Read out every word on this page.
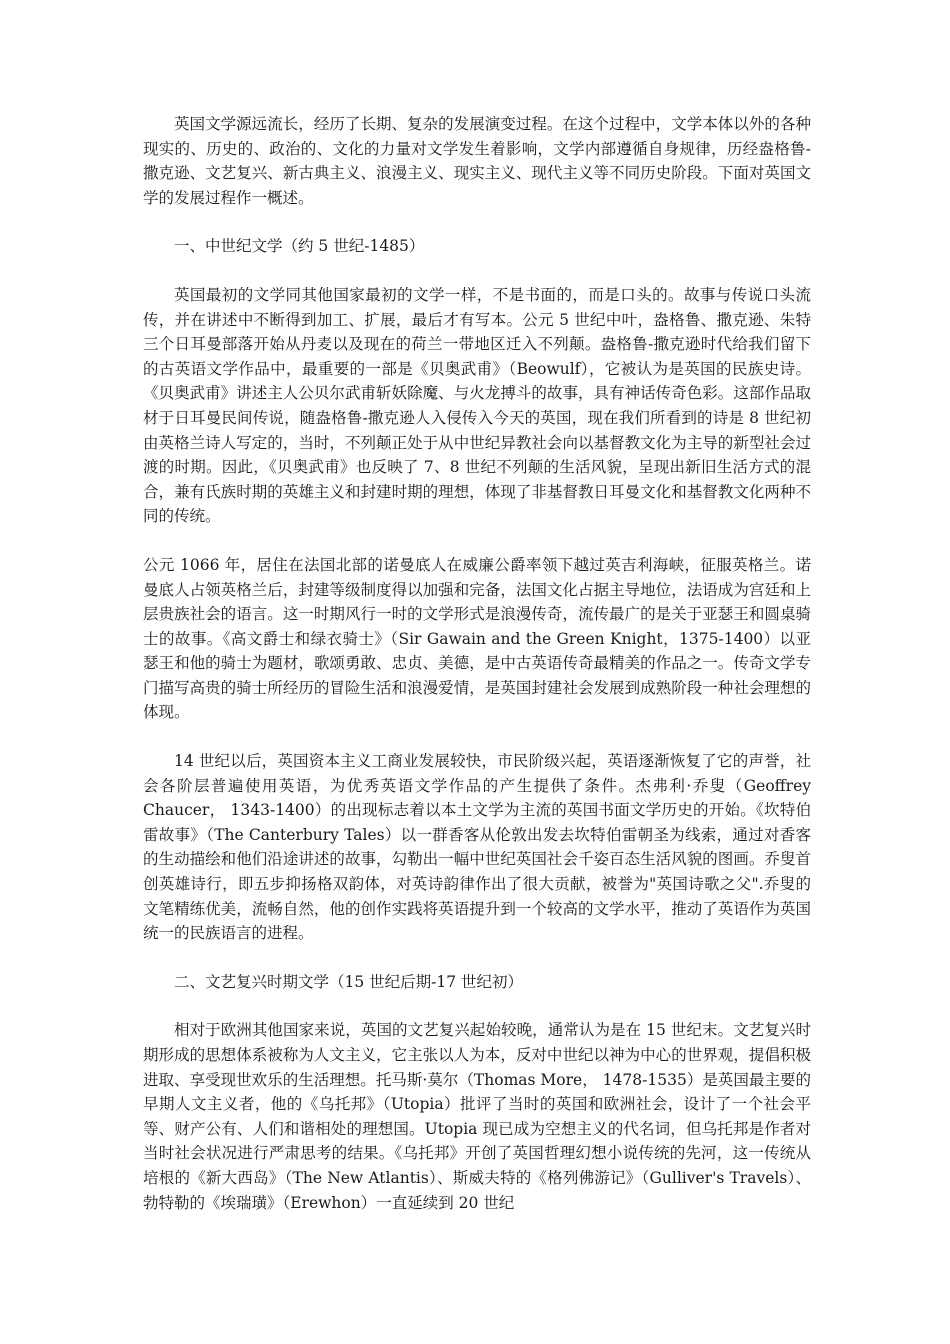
英国文学源远流长，经历了长期、复杂的发展演变过程。在这个过程中，文学本体以外的各种现实的、历史的、政治的、文化的力量对文学发生着影响，文学内部遵循自身规律，历经盎格鲁-撒克逊、文艺复兴、新古典主义、浪漫主义、现实主义、现代主义等不同历史阶段。下面对英国文学的发展过程作一概述。

一、中世纪文学（约 5 世纪-1485）

英国最初的文学同其他国家最初的文学一样，不是书面的，而是口头的。故事与传说口头流传，并在讲述中不断得到加工、扩展，最后才有写本。公元 5 世纪中叶，盎格鲁、撒克逊、朱特三个日耳曼部落开始从丹麦以及现在的荷兰一带地区迁入不列颠。盎格鲁-撒克逊时代给我们留下的古英语文学作品中，最重要的一部是《贝奥武甫》（Beowulf），它被认为是英国的民族史诗。《贝奥武甫》讲述主人公贝尔武甫斩妖除魔、与火龙搏斗的故事，具有神话传奇色彩。这部作品取材于日耳曼民间传说，随盎格鲁-撒克逊人入侵传入今天的英国，现在我们所看到的诗是 8 世纪初由英格兰诗人写定的，当时，不列颠正处于从中世纪异教社会向以基督教文化为主导的新型社会过渡的时期。因此，《贝奥武甫》也反映了 7、8 世纪不列颠的生活风貌，呈现出新旧生活方式的混合，兼有氏族时期的英雄主义和封建时期的理想，体现了非基督教日耳曼文化和基督教文化两种不同的传统。

公元 1066 年，居住在法国北部的诺曼底人在威廉公爵率领下越过英吉利海峡，征服英格兰。诺曼底人占领英格兰后，封建等级制度得以加强和完备，法国文化占据主导地位，法语成为宫廷和上层贵族社会的语言。这一时期风行一时的文学形式是浪漫传奇，流传最广的是关于亚瑟王和圆桌骑士的故事。《高文爵士和绿衣骑士》（Sir Gawain and the Green Knight，1375-1400）以亚瑟王和他的骑士为题材，歌颂勇敢、忠贞、美德，是中古英语传奇最精美的作品之一。传奇文学专门描写高贵的骑士所经历的冒险生活和浪漫爱情，是英国封建社会发展到成熟阶段一种社会理想的体现。

14 世纪以后，英国资本主义工商业发展较快，市民阶级兴起，英语逐渐恢复了它的声誉，社会各阶层普遍使用英语，为优秀英语文学作品的产生提供了条件。杰弗利·乔叟（Geoffrey Chaucer， 1343-1400）的出现标志着以本土文学为主流的英国书面文学历史的开始。《坎特伯雷故事》（The Canterbury Tales）以一群香客从伦敦出发去坎特伯雷朝圣为线索，通过对香客的生动描绘和他们沿途讲述的故事，勾勒出一幅中世纪英国社会千姿百态生活风貌的图画。乔叟首创英雄诗行，即五步抑扬格双韵体，对英诗韵律作出了很大贡献，被誉为"英国诗歌之父".乔叟的文笔精练优美，流畅自然，他的创作实践将英语提升到一个较高的文学水平，推动了英语作为英国统一的民族语言的进程。

二、文艺复兴时期文学（15 世纪后期-17 世纪初）

相对于欧洲其他国家来说，英国的文艺复兴起始较晚，通常认为是在 15 世纪末。文艺复兴时期形成的思想体系被称为人文主义，它主张以人为本，反对中世纪以神为中心的世界观，提倡积极进取、享受现世欢乐的生活理想。托马斯·莫尔（Thomas More， 1478-1535）是英国最主要的早期人文主义者，他的《乌托邦》（Utopia）批评了当时的英国和欧洲社会，设计了一个社会平等、财产公有、人们和谐相处的理想国。Utopia 现已成为空想主义的代名词，但乌托邦是作者对当时社会状况进行严肃思考的结果。《乌托邦》开创了英国哲理幻想小说传统的先河，这一传统从培根的《新大西岛》（The New Atlantis）、斯威夫特的《格列佛游记》（Gulliver's Travels）、勃特勒的《埃瑞璜》（Erewhon）一直延续到 20 世纪
